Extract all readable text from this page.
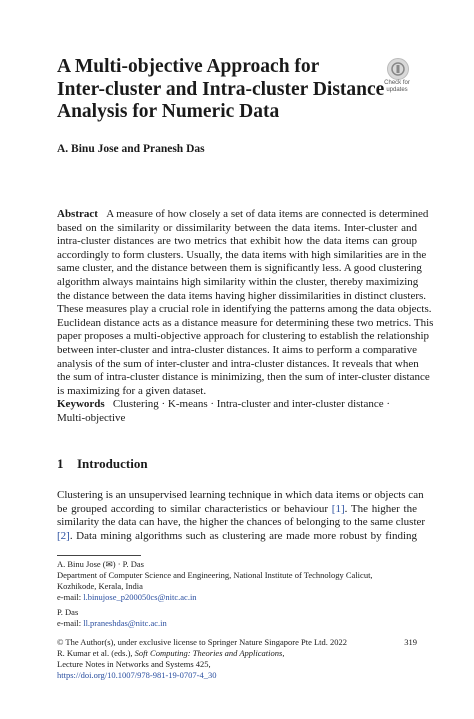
A Multi-objective Approach for
Inter-cluster and Intra-cluster Distance
Analysis for Numeric Data
Check for
updates
A. Binu Jose and Pranesh Das
Abstract A measure of how closely a set of data items are connected is determined
based on the similarity or dissimilarity between the data items. Inter-cluster and
intra-cluster distances are two metrics that exhibit how the data items can group
accordingly to form clusters. Usually, the data items with high similarities are in the
same cluster, and the distance between them is significantly less. A good clustering
algorithm always maintains high similarity within the cluster, thereby maximizing
the distance between the data items having higher dissimilarities in distinct clusters.
These measures play a crucial role in identifying the patterns among the data objects.
Euclidean distance acts as a distance measure for determining these two metrics. This
paper proposes a multi-objective approach for clustering to establish the relationship
between inter-cluster and intra-cluster distances. It aims to perform a comparative
analysis of the sum of inter-cluster and intra-cluster distances. It reveals that when
the sum of intra-cluster distance is minimizing, then the sum of inter-cluster distance
is maximizing for a given dataset.
Keywords Clustering · K-means · Intra-cluster and inter-cluster distance ·
Multi-objective
1 Introduction
Clustering is an unsupervised learning technique in which data items or objects can
be grouped according to similar characteristics or behaviour [1]. The higher the
similarity the data can have, the higher the chances of belonging to the same cluster
[2]. Data mining algorithms such as clustering are made more robust by finding
A. Binu Jose (✉) · P. Das
Department of Computer Science and Engineering, National Institute of Technology Calicut,
Kozhikode, Kerala, India
e-mail: l.binujose_p200050cs@nitc.ac.in
P. Das
e-mail: ll.praneshdas@nitc.ac.in
© The Author(s), under exclusive license to Springer Nature Singapore Pte Ltd. 2022	319
R. Kumar et al. (eds.), Soft Computing: Theories and Applications,
Lecture Notes in Networks and Systems 425,
https://doi.org/10.1007/978-981-19-0707-4_30
